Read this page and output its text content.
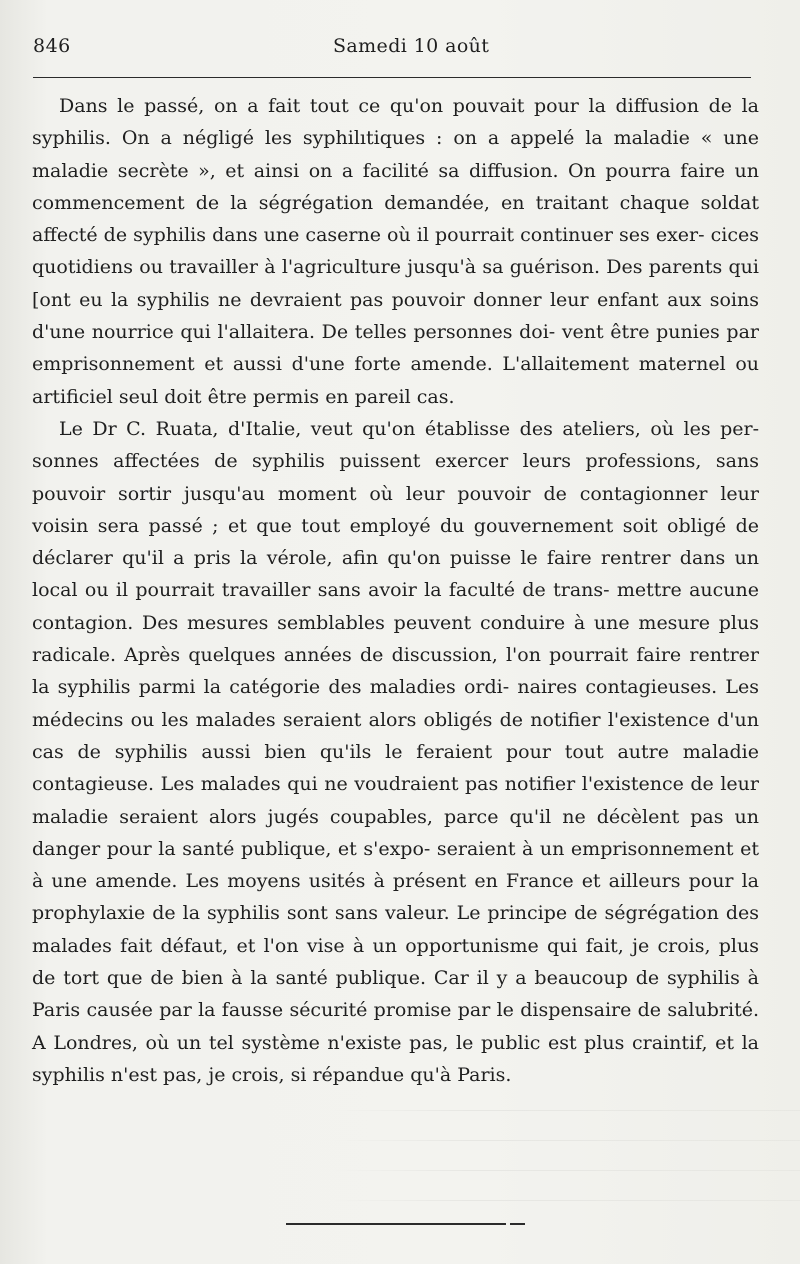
846	Samedi 10 août

Dans le passé, on a fait tout ce qu'on pouvait pour la diffusion de la syphilis. On a négligé les syphilıtiques : on a appelé la maladie « une maladie secrète », et ainsi on a facilité sa diffusion. On pourra faire un commencement de la ségrégation demandée, en traitant chaque soldat affecté de syphilis dans une caserne où il pourrait continuer ses exer- cices quotidiens ou travailler à l'agriculture jusqu'à sa guérison. Des parents qui [ont eu la syphilis ne devraient pas pouvoir donner leur enfant aux soins d'une nourrice qui l'allaitera. De telles personnes doi- vent être punies par emprisonnement et aussi d'une forte amende. L'allaitement maternel ou artificiel seul doit être permis en pareil cas.

Le Dr C. Ruata, d'Italie, veut qu'on établisse des ateliers, où les per- sonnes affectées de syphilis puissent exercer leurs professions, sans pouvoir sortir jusqu'au moment où leur pouvoir de contagionner leur voisin sera passé ; et que tout employé du gouvernement soit obligé de déclarer qu'il a pris la vérole, afin qu'on puisse le faire rentrer dans un local ou il pourrait travailler sans avoir la faculté de trans- mettre aucune contagion. Des mesures semblables peuvent conduire à une mesure plus radicale. Après quelques années de discussion, l'on pourrait faire rentrer la syphilis parmi la catégorie des maladies ordi- naires contagieuses. Les médecins ou les malades seraient alors obligés de notifier l'existence d'un cas de syphilis aussi bien qu'ils le feraient pour tout autre maladie contagieuse. Les malades qui ne voudraient pas notifier l'existence de leur maladie seraient alors jugés coupables, parce qu'il ne décèlent pas un danger pour la santé publique, et s'expo- seraient à un emprisonnement et à une amende. Les moyens usités à présent en France et ailleurs pour la prophylaxie de la syphilis sont sans valeur. Le principe de ségrégation des malades fait défaut, et l'on vise à un opportunisme qui fait, je crois, plus de tort que de bien à la santé publique. Car il y a beaucoup de syphilis à Paris causée par la fausse sécurité promise par le dispensaire de salubrité. A Londres, où un tel système n'existe pas, le public est plus craintif, et la syphilis n'est pas, je crois, si répandue qu'à Paris.
